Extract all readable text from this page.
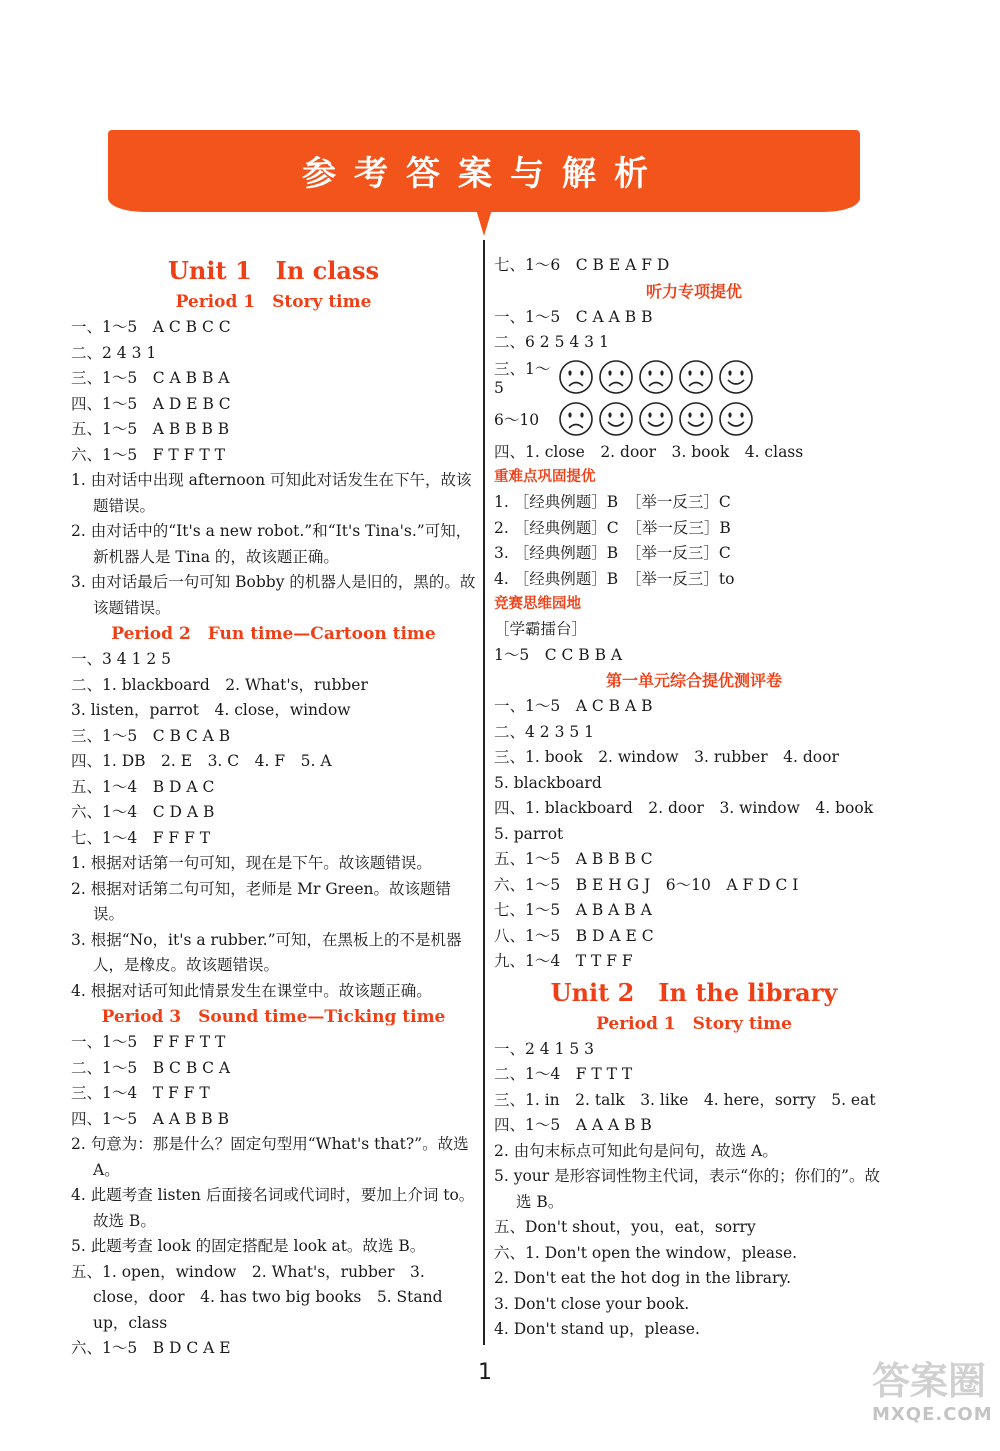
参考答案与解析
Unit 1　In class
Period 1　Story time
一、1～5　A C B C C
二、2 4 3 1
三、1～5　C A B B A
四、1～5　A D E B C
五、1～5　A B B B B
六、1～5　F T F T T
1. 由对话中出现 afternoon 可知此对话发生在下午，故该题错误。
2. 由对话中的“It's a new robot.”和“It's Tina's.”可知，新机器人是 Tina 的，故该题正确。
3. 由对话最后一句可知 Bobby 的机器人是旧的，黑的。故该题错误。
Period 2　Fun time—Cartoon time
一、3 4 1 2 5
二、1. blackboard　2. What's，rubber
3. listen，parrot　4. close，window
三、1～5　C B C A B
四、1. DB　2. E　3. C　4. F　5. A
五、1～4　B D A C
六、1～4　C D A B
七、1～4　F F F T
1. 根据对话第一句可知，现在是下午。故该题错误。
2. 根据对话第二句可知，老师是 Mr Green。故该题错误。
3. 根据“No，it's a rubber.”可知，在黑板上的不是机器人，是橡皮。故该题错误。
4. 根据对话可知此情景发生在课堂中。故该题正确。
Period 3　Sound time—Ticking time
一、1～5　F F F T T
二、1～5　B C B C A
三、1～4　T F F T
四、1～5　A A B B B
2. 句意为：那是什么？固定句型用“What's that?”。故选 A。
4. 此题考查 listen 后面接名词或代词时，要加上介词 to。故选 B。
5. 此题考查 look 的固定搭配是 look at。故选 B。
五、1. open，window　2. What's，rubber　3. close，door　4. has two big books　5. Stand up，class
六、1～5　B D C A E
七、1～6　C B E A F D
听力专项提优
一、1～5　C A A B B
二、6 2 5 4 3 1
三、1～5
6～10
四、1. close　2. door　3. book　4. class
重难点巩固提优
1. ［经典例题］B　［举一反三］C
2. ［经典例题］C　［举一反三］B
3. ［经典例题］B　［举一反三］C
4. ［经典例题］B　［举一反三］to
竞赛思维园地
［学霸擂台］
1～5　C C B B A
第一单元综合提优测评卷
一、1～5　A C B A B
二、4 2 3 5 1
三、1. book　2. window　3. rubber　4. door
5. blackboard
四、1. blackboard　2. door　3. window　4. book
5. parrot
五、1～5　A B B B C
六、1～5　B E H G J　6～10　A F D C I
七、1～5　A B A B A
八、1～5　B D A E C
九、1～4　T T F F
Unit 2　In the library
Period 1　Story time
一、2 4 1 5 3
二、1～4　F T T T
三、1. in　2. talk　3. like　4. here，sorry　5. eat
四、1～5　A A A B B
2. 由句末标点可知此句是问句，故选 A。
5. your 是形容词性物主代词，表示“你的；你们的”。故选 B。
五、Don't shout，you，eat，sorry
六、1. Don't open the window，please.
2. Don't eat the hot dog in the library.
3. Don't close your book.
4. Don't stand up，please.
1	答案圈
MXQE.COM
